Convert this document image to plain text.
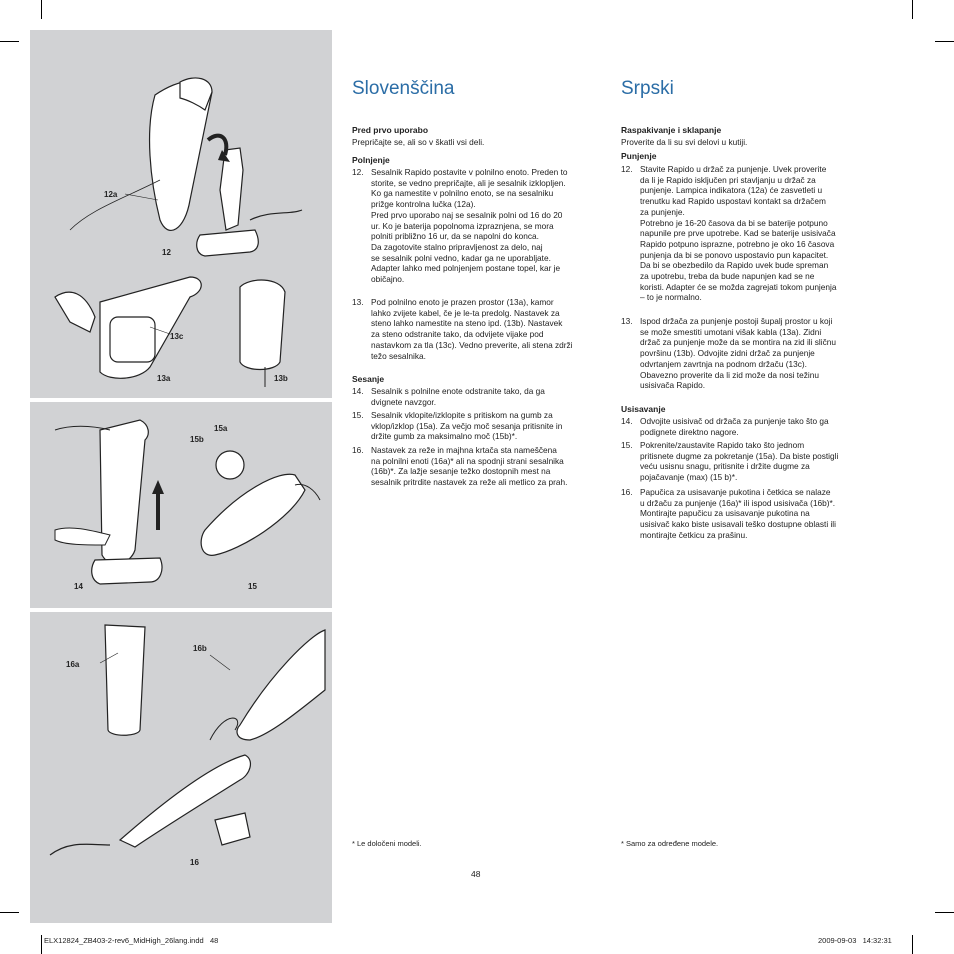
12a
12
13c
13a	13b
15a
15b
14	15
16a
16b
16
Slovenščina
Pred prvo uporabo
Prepričajte se, ali so v škatli vsi deli.
Polnjenje
12. Sesalnik Rapido postavite v polnilno enoto. Preden to
storite, se vedno prepričajte, ali je sesalnik izklopljen.
Ko ga namestite v polnilno enoto, se na sesalniku
prižge kontrolna lučka (12a).
Pred prvo uporabo naj se sesalnik polni od 16 do 20
ur. Ko je baterija popolnoma izpraznjena, se mora
polniti približno 16 ur, da se napolni do konca.
Da zagotovite stalno pripravljenost za delo, naj
se sesalnik polni vedno, kadar ga ne uporabljate.
Adapter lahko med polnjenjem postane topel, kar je
običajno.
13. Pod polnilno enoto je prazen prostor (13a), kamor
lahko zvijete kabel, če je le-ta predolg. Nastavek za
steno lahko namestite na steno ipd. (13b). Nastavek
za steno odstranite tako, da odvijete vijake pod
nastavkom za tla (13c). Vedno preverite, ali stena zdrži
težo sesalnika.
Sesanje
14. Sesalnik s polnilne enote odstranite tako, da ga
dvignete navzgor.
15. Sesalnik vklopite/izklopite s pritiskom na gumb za
vklop/izklop (15a). Za večjo moč sesanja pritisnite in
držite gumb za maksimalno moč (15b)*.
16. Nastavek za reže in majhna krtača sta nameščena
na polnilni enoti (16a)* ali na spodnji strani sesalnika
(16b)*. Za lažje sesanje težko dostopnih mest na
sesalnik pritrdite nastavek za reže ali metlico za prah.
* Le določeni modeli.
Srpski
Raspakivanje i sklapanje
Proverite da li su svi delovi u kutiji.
Punjenje
12. Stavite Rapido u držač za punjenje. Uvek proverite
da li je Rapido isključen pri stavljanju u držač za
punjenje. Lampica indikatora (12a) će zasvetleti u
trenutku kad Rapido uspostavi kontakt sa držačem
za punjenje.
Potrebno je 16-20 časova da bi se baterije potpuno
napunile pre prve upotrebe. Kad se baterije usisivača
Rapido potpuno isprazne, potrebno je oko 16 časova
punjenja da bi se ponovo uspostavio pun kapacitet.
Da bi se obezbedilo da Rapido uvek bude spreman
za upotrebu, treba da bude napunjen kad se ne
koristi. Adapter će se možda zagrejati tokom punjenja
– to je normalno.
13. Ispod držača za punjenje postoji šupalj prostor u koji
se može smestiti umotani višak kabla (13a). Zidni
držač za punjenje može da se montira na zid ili sličnu
površinu (13b). Odvojite zidni držač za punjenje
odvrtanjem zavrtnja na podnom držaču (13c).
Obavezno proverite da li zid može da nosi težinu
usisivača Rapido.
Usisavanje
14. Odvojite usisivač od držača za punjenje tako što ga
podignete direktno nagore.
15. Pokrenite/zaustavite Rapido tako što jednom
pritisnete dugme za pokretanje (15a). Da biste postigli
veću usisnu snagu, pritisnite i držite dugme za
pojačavanje (max) (15 b)*.
16. Papučica za usisavanje pukotina i četkica se nalaze
u držaču za punjenje (16a)* ili ispod usisivača (16b)*.
Montirajte papučicu za usisavanje pukotina na
usisivač kako biste usisavali teško dostupne oblasti ili
montirajte četkicu za prašinu.
* Samo za određene modele.
48
ELX12824_ZB403-2-rev6_MidHigh_26lang.indd   48	2009-09-03   14:32:31
